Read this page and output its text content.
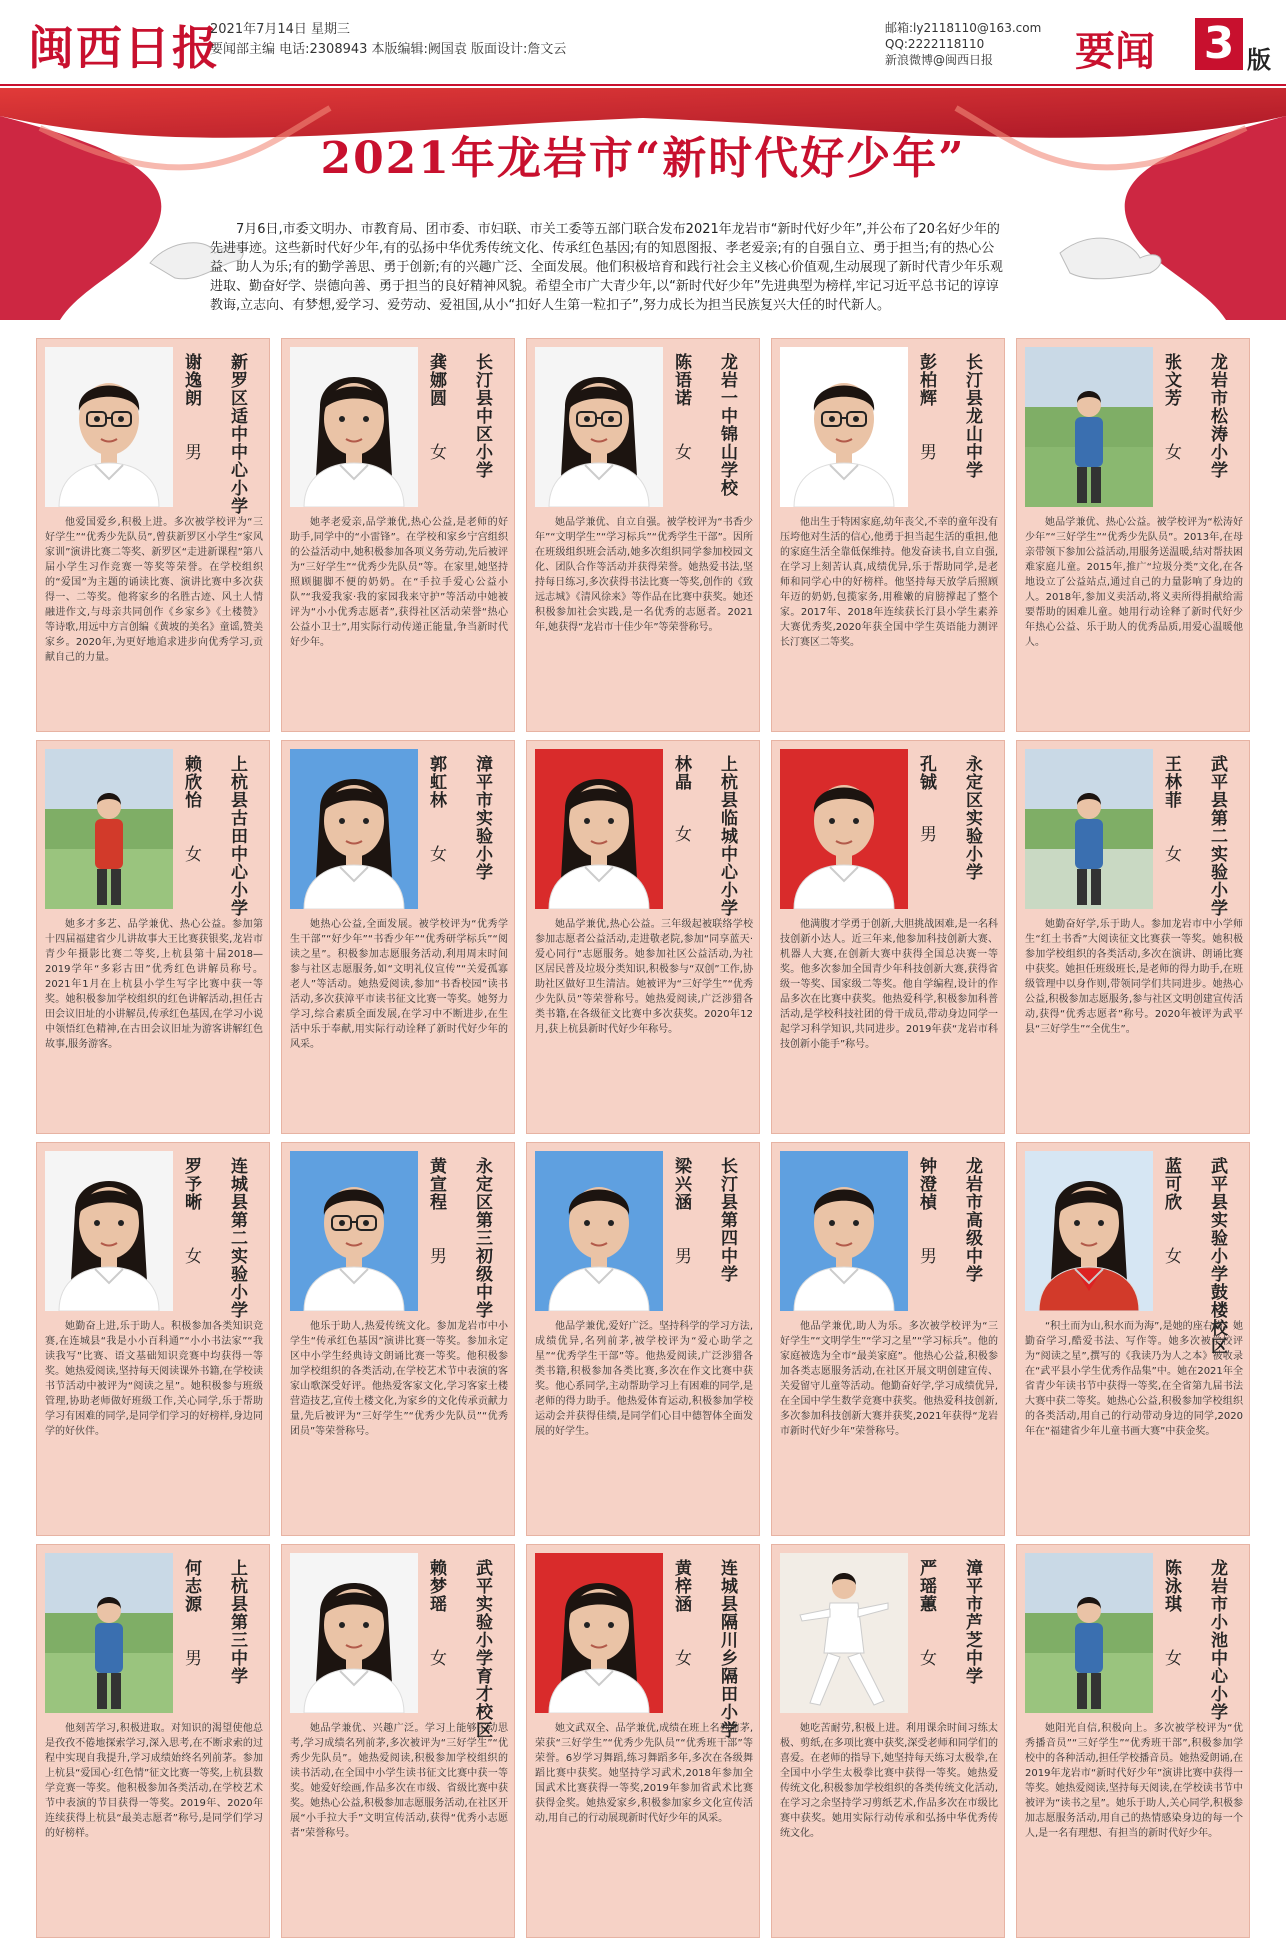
闽西日报
2021年7月14日 星期三
要闻部主编 电话:2308943 本版编辑:阙国袁 版面设计:詹文云
邮箱:ly2118110@163.com
QQ:2222118110
新浪微博@闽西日报	要闻 3 版
2021年龙岩市“新时代好少年”

7月6日,市委文明办、市教育局、团市委、市妇联、市关工委等五部门联合发布2021年龙岩市“新时代好少年”,并公布了20名好少年的先进事迹。这些新时代好少年,有的弘扬中华优秀传统文化、传承红色基因;有的知恩图报、孝老爱亲;有的自强自立、勇于担当;有的热心公益、助人为乐;有的勤学善思、勇于创新;有的兴趣广泛、全面发展。他们积极培育和践行社会主义核心价值观,生动展现了新时代青少年乐观进取、勤奋好学、崇德向善、勇于担当的良好精神风貌。希望全市广大青少年,以“新时代好少年”先进典型为榜样,牢记习近平总书记的谆谆教诲,立志向、有梦想,爱学习、爱劳动、爱祖国,从小“扣好人生第一粒扣子”,努力成长为担当民族复兴大任的时代新人。

新罗区适中中心小学
谢逸朗
男

他爱国爱乡,积极上进。多次被学校评为“三好学生”“优秀少先队员”,曾获新罗区小学生“家风家训”演讲比赛二等奖、新罗区“走进新课程”第八届小学生习作竞赛一等奖等荣誉。在学校组织的“爱国”为主题的诵读比赛、演讲比赛中多次获得一、二等奖。他将家乡的名胜古迹、风土人情融进作文,与母亲共同创作《乡家乡》《土楼赞》等诗歌,用远中方言创编《黄坡的美名》童谣,赞美家乡。2020年,为更好地追求进步向优秀学习,贡献自己的力量。

长汀县中区小学
龚娜圆
女

她孝老爱亲,品学兼优,热心公益,是老师的好助手,同学中的“小雷锋”。在学校和家乡宁宫组织的公益活动中,她积极参加各项义务劳动,先后被评为“三好学生”“优秀少先队员”等。在家里,她坚持照顾腿脚不便的奶奶。在“手拉手爱心公益小队”“我爱我家·我的家园我来守护”等活动中她被评为“小小优秀志愿者”,获得社区活动荣誉“热心公益小卫士”,用实际行动传递正能量,争当新时代好少年。

龙岩一中锦山学校
陈语诺
女

她品学兼优、自立自强。被学校评为“书香少年”“文明学生”“学习标兵”“优秀学生干部”。因所在班级组织班会活动,她多次组织同学参加校园文化、团队合作等活动并获得荣誉。她热爱书法,坚持每日练习,多次获得书法比赛一等奖,创作的《致远志城》《清风徐来》等作品在比赛中获奖。她还积极参加社会实践,是一名优秀的志愿者。2021年,她获得“龙岩市十佳少年”等荣誉称号。

长汀县龙山中学
彭柏辉
男

他出生于特困家庭,幼年丧父,不幸的童年没有压垮他对生活的信心,他勇于担当起生活的重担,他的家庭生活全靠低保维持。他发奋读书,自立自强,在学习上刻苦认真,成绩优异,乐于帮助同学,是老师和同学心中的好榜样。他坚持每天放学后照顾年迈的奶奶,包揽家务,用稚嫩的肩膀撑起了整个家。2017年、2018年连续获长汀县小学生素养大赛优秀奖,2020年获全国中学生英语能力测评长汀赛区二等奖。

龙岩市松涛小学
张文芳
女

她品学兼优、热心公益。被学校评为“松涛好少年”“三好学生”“优秀少先队员”。2013年,在母亲带领下参加公益活动,用服务送温暖,结对帮扶困难家庭儿童。2015年,推广“垃圾分类”文化,在各地设立了公益站点,通过自己的力量影响了身边的人。2018年,参加义卖活动,将义卖所得捐献给需要帮助的困难儿童。她用行动诠释了新时代好少年热心公益、乐于助人的优秀品质,用爱心温暖他人。

上杭县古田中心小学
赖欣怡
女

她多才多艺、品学兼优、热心公益。参加第十四届福建省少儿讲故事大王比赛获银奖,龙岩市青少年摄影比赛二等奖,上杭县第十届2018—2019学年“多彩古田”优秀红色讲解员称号。2021年1月在上杭县小学生写字比赛中获一等奖。她积极参加学校组织的红色讲解活动,担任古田会议旧址的小讲解员,传承红色基因,在学习小说中领悟红色精神,在古田会议旧址为游客讲解红色故事,服务游客。

漳平市实验小学
郭虹林
女

她热心公益,全面发展。被学校评为“优秀学生干部”“好少年”“书香少年”“优秀研学标兵”“阅读之星”。积极参加志愿服务活动,利用周末时间参与社区志愿服务,如“文明礼仪宣传”“关爱孤寡老人”等活动。她热爱阅读,参加“书香校园”读书活动,多次获漳平市读书征文比赛一等奖。她努力学习,综合素质全面发展,在学习中不断进步,在生活中乐于奉献,用实际行动诠释了新时代好少年的风采。

上杭县临城中心小学
林晶
女

她品学兼优,热心公益。三年级起被联络学校参加志愿者公益活动,走进敬老院,参加“同享蓝天·爱心同行”志愿服务。她参加社区公益活动,为社区居民普及垃圾分类知识,积极参与“双创”工作,协助社区做好卫生清洁。她被评为“三好学生”“优秀少先队员”等荣誉称号。她热爱阅读,广泛涉猎各类书籍,在各级征文比赛中多次获奖。2020年12月,获上杭县新时代好少年称号。

永定区实验小学
孔铖
男

他满腹才学勇于创新,大胆挑战困难,是一名科技创新小达人。近三年来,他参加科技创新大赛、机器人大赛,在创新大赛中获得全国总决赛一等奖。他多次参加全国青少年科技创新大赛,获得省级一等奖、国家级二等奖。他自学编程,设计的作品多次在比赛中获奖。他热爱科学,积极参加科普活动,是学校科技社团的骨干成员,带动身边同学一起学习科学知识,共同进步。2019年获“龙岩市科技创新小能手”称号。

武平县第二实验小学
王林菲
女

她勤奋好学,乐于助人。参加龙岩市中小学师生“红土书香”大阅读征文比赛获一等奖。她积极参加学校组织的各类活动,多次在演讲、朗诵比赛中获奖。她担任班级班长,是老师的得力助手,在班级管理中以身作则,带领同学们共同进步。她热心公益,积极参加志愿服务,参与社区文明创建宣传活动,获得“优秀志愿者”称号。2020年被评为武平县“三好学生”“全优生”。

连城县第二实验小学
罗予晰
女

她勤奋上进,乐于助人。积极参加各类知识竞赛,在连城县“我是小小百科通”“小小书法家”“我读我写”比赛、语文基础知识竞赛中均获得一等奖。她热爱阅读,坚持每天阅读课外书籍,在学校读书节活动中被评为“阅读之星”。她积极参与班级管理,协助老师做好班级工作,关心同学,乐于帮助学习有困难的同学,是同学们学习的好榜样,身边同学的好伙伴。

永定区第三初级中学
黄宣程
男

他乐于助人,热爱传统文化。参加龙岩市中小学生“传承红色基因”演讲比赛一等奖。参加永定区中小学生经典诗文朗诵比赛一等奖。他积极参加学校组织的各类活动,在学校艺术节中表演的客家山歌深受好评。他热爱客家文化,学习客家土楼营造技艺,宣传土楼文化,为家乡的文化传承贡献力量,先后被评为“三好学生”“优秀少先队员”“优秀团员”等荣誉称号。

长汀县第四中学
梁兴涵
男

他品学兼优,爱好广泛。坚持科学的学习方法,成绩优异,名列前茅,被学校评为“爱心助学之星”“优秀学生干部”等。他热爱阅读,广泛涉猎各类书籍,积极参加各类比赛,多次在作文比赛中获奖。他心系同学,主动帮助学习上有困难的同学,是老师的得力助手。他热爱体育运动,积极参加学校运动会并获得佳绩,是同学们心目中德智体全面发展的好学生。

龙岩市高级中学
钟澄楨
男

他品学兼优,助人为乐。多次被学校评为“三好学生”“文明学生”“学习之星”“学习标兵”。他的家庭被选为全市“最美家庭”。他热心公益,积极参加各类志愿服务活动,在社区开展文明创建宣传、关爱留守儿童等活动。他勤奋好学,学习成绩优异,在全国中学生数学竞赛中获奖。他热爱科技创新,多次参加科技创新大赛并获奖,2021年获得“龙岩市新时代好少年”荣誉称号。

武平县实验小学鼓楼校区
蓝可欣
女

“积土而为山,积水而为海”,是她的座右铭。她勤奋学习,酷爱书法、写作等。她多次被学校评为“阅读之星”,撰写的《我读乃为人之本》被收录在“武平县小学生优秀作品集”中。她在2021年全省青少年读书节中获得一等奖,在全省第九届书法大赛中获二等奖。她热心公益,积极参加学校组织的各类活动,用自己的行动带动身边的同学,2020年在“福建省少年儿童书画大赛”中获金奖。

上杭县第三中学
何志源
男

他刻苦学习,积极进取。对知识的渴望使他总是孜孜不倦地探索学习,深入思考,在不断求索的过程中实现自我提升,学习成绩始终名列前茅。参加上杭县“爱国心·红色情”征文比赛一等奖,上杭县数学竞赛一等奖。他积极参加各类活动,在学校艺术节中表演的节目获得一等奖。2019年、2020年连续获得上杭县“最美志愿者”称号,是同学们学习的好榜样。

武平实验小学育才校区
赖梦瑶
女

她品学兼优、兴趣广泛。学习上能够主动思考,学习成绩名列前茅,多次被评为“三好学生”“优秀少先队员”。她热爱阅读,积极参加学校组织的读书活动,在全国中小学生读书征文比赛中获一等奖。她爱好绘画,作品多次在市级、省级比赛中获奖。她热心公益,积极参加志愿服务活动,在社区开展“小手拉大手”文明宣传活动,获得“优秀小志愿者”荣誉称号。

连城县隔川乡隔田小学
黄梓涵
女

她文武双全、品学兼优,成绩在班上名列前茅,荣获“三好学生”“优秀少先队员”“优秀班干部”等荣誉。6岁学习舞蹈,练习舞蹈多年,多次在各级舞蹈比赛中获奖。她坚持学习武术,2018年参加全国武术比赛获得一等奖,2019年参加省武术比赛获得金奖。她热爱家乡,积极参加家乡文化宣传活动,用自己的行动展现新时代好少年的风采。

漳平市芦芝中学
严瑶蕙
女

她吃苦耐劳,积极上进。利用课余时间习练太极、剪纸,在多项比赛中获奖,深受老师和同学们的喜爱。在老师的指导下,她坚持每天练习太极拳,在全国中小学生太极拳比赛中获得一等奖。她热爱传统文化,积极参加学校组织的各类传统文化活动,在学习之余坚持学习剪纸艺术,作品多次在市级比赛中获奖。她用实际行动传承和弘扬中华优秀传统文化。

龙岩市小池中心小学
陈泳琪
女

她阳光自信,积极向上。多次被学校评为“优秀播音员”“三好学生”“优秀班干部”,积极参加学校中的各种活动,担任学校播音员。她热爱朗诵,在2019年龙岩市“新时代好少年”演讲比赛中获得一等奖。她热爱阅读,坚持每天阅读,在学校读书节中被评为“读书之星”。她乐于助人,关心同学,积极参加志愿服务活动,用自己的热情感染身边的每一个人,是一名有理想、有担当的新时代好少年。
